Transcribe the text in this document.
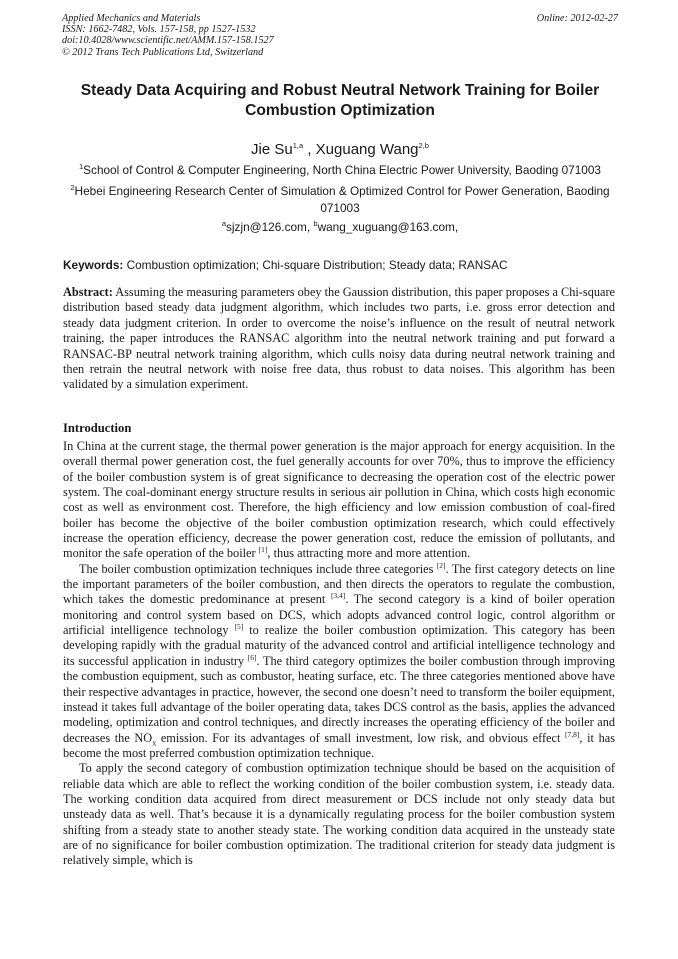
Applied Mechanics and Materials
ISSN: 1662-7482, Vols. 157-158, pp 1527-1532
doi:10.4028/www.scientific.net/AMM.157-158.1527
© 2012 Trans Tech Publications Ltd, Switzerland
Online: 2012-02-27
Steady Data Acquiring and Robust Neutral Network Training for Boiler Combustion Optimization
Jie Su$^{1,a}$ , Xuguang Wang$^{2,b}$
$^1$School of Control & Computer Engineering, North China Electric Power University, Baoding 071003
$^2$Hebei Engineering Research Center of Simulation & Optimized Control for Power Generation, Baoding 071003
$^a$sjzjn@126.com, $^b$wang_xuguang@163.com,
Keywords: Combustion optimization; Chi-square Distribution; Steady data; RANSAC
Abstract: Assuming the measuring parameters obey the Gaussion distribution, this paper proposes a Chi-square distribution based steady data judgment algorithm, which includes two parts, i.e. gross error detection and steady data judgment criterion. In order to overcome the noise’s influence on the result of neutral network training, the paper introduces the RANSAC algorithm into the neutral network training and put forward a RANSAC-BP neutral network training algorithm, which culls noisy data during neutral network training and then retrain the neutral network with noise free data, thus robust to data noises. This algorithm has been validated by a simulation experiment.
Introduction

In China at the current stage, the thermal power generation is the major approach for energy acquisition. In the overall thermal power generation cost, the fuel generally accounts for over 70%, thus to improve the efficiency of the boiler combustion system is of great significance to decreasing the operation cost of the electric power system. The coal-dominant energy structure results in serious air pollution in China, which costs high economic cost as well as environment cost. Therefore, the high efficiency and low emission combustion of coal-fired boiler has become the objective of the boiler combustion optimization research, which could effectively increase the operation efficiency, decrease the power generation cost, reduce the emission of pollutants, and monitor the safe operation of the boiler [1], thus attracting more and more attention.

The boiler combustion optimization techniques include three categories [2]. The first category detects on line the important parameters of the boiler combustion, and then directs the operators to regulate the combustion, which takes the domestic predominance at present [3,4]. The second category is a kind of boiler operation monitoring and control system based on DCS, which adopts advanced control logic, control algorithm or artificial intelligence technology [5] to realize the boiler combustion optimization. This category has been developing rapidly with the gradual maturity of the advanced control and artificial intelligence technology and its successful application in industry [6]. The third category optimizes the boiler combustion through improving the combustion equipment, such as combustor, heating surface, etc. The three categories mentioned above have their respective advantages in practice, however, the second one doesn’t need to transform the boiler equipment, instead it takes full advantage of the boiler operating data, takes DCS control as the basis, applies the advanced modeling, optimization and control techniques, and directly increases the operating efficiency of the boiler and decreases the $NO_x$ emission. For its advantages of small investment, low risk, and obvious effect [7,8], it has become the most preferred combustion optimization technique.

To apply the second category of combustion optimization technique should be based on the acquisition of reliable data which are able to reflect the working condition of the boiler combustion system, i.e. steady data. The working condition data acquired from direct measurement or DCS include not only steady data but unsteady data as well. That’s because it is a dynamically regulating process for the boiler combustion system shifting from a steady state to another steady state. The working condition data acquired in the unsteady state are of no significance for boiler combustion optimization. The traditional criterion for steady data judgment is relatively simple, which is
